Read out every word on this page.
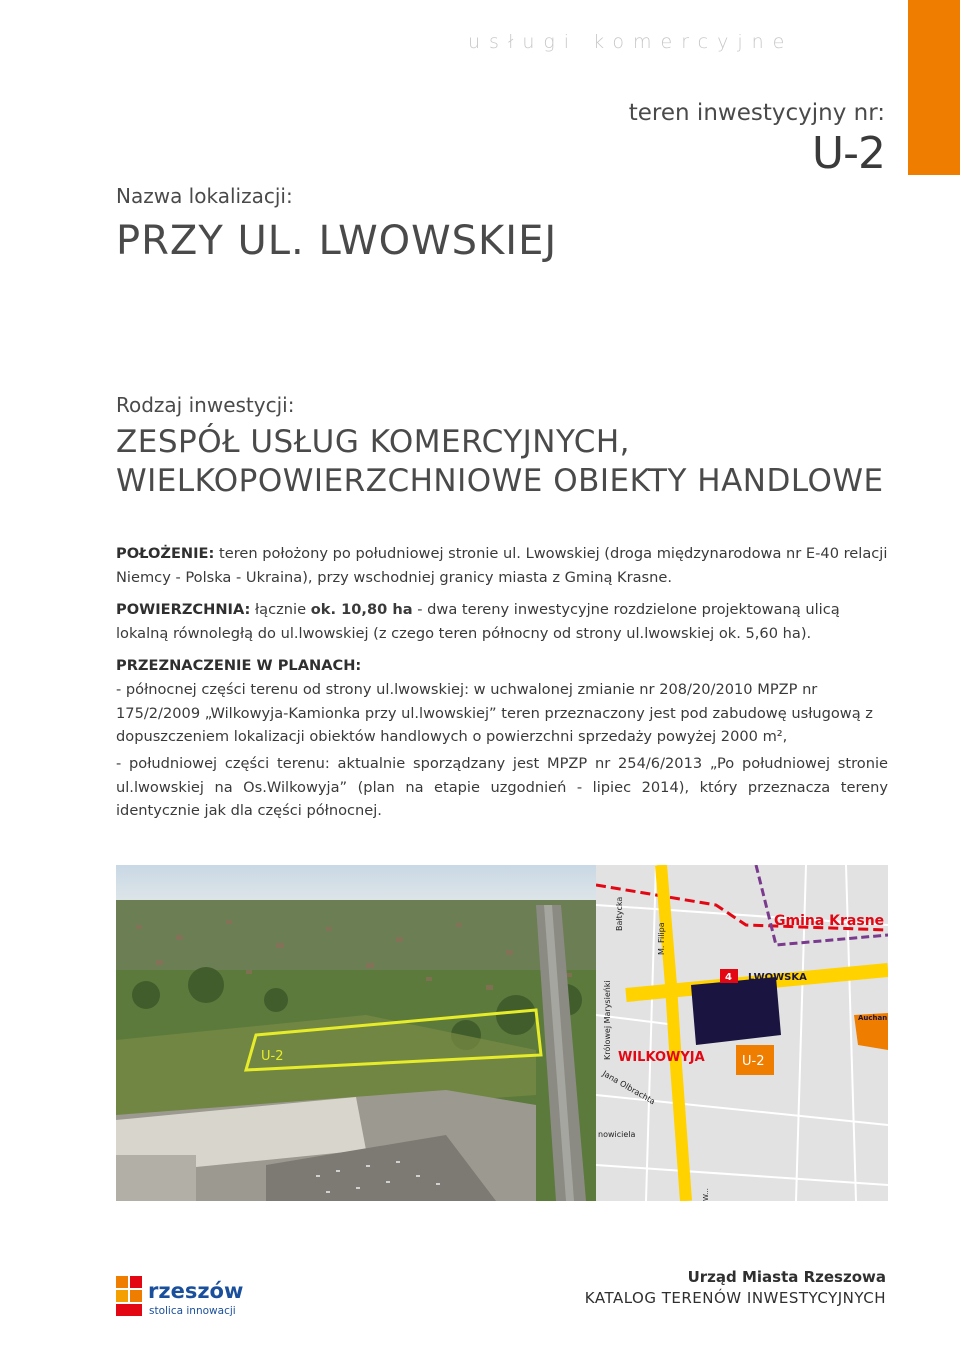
usługi komercyjne
teren inwestycyjny nr:
U-2
Nazwa lokalizacji:
PRZY UL. LWOWSKIEJ
Rodzaj inwestycji:
ZESPÓŁ USŁUG KOMERCYJNYCH,
WIELKOPOWIERZCHNIOWE OBIEKTY HANDLOWE
POŁOŻENIE: teren położony po południowej stronie ul. Lwowskiej (droga międzynarodowa nr E-40 relacji Niemcy - Polska - Ukraina), przy wschodniej granicy miasta z Gminą Krasne.
POWIERZCHNIA: łącznie ok. 10,80 ha - dwa tereny inwestycyjne rozdzielone projektowaną ulicą lokalną równoległą do ul.lwowskiej (z czego teren północny od strony ul.lwowskiej ok. 5,60 ha).
PRZEZNACZENIE W PLANACH:
- północnej części terenu od strony ul.lwowskiej: w uchwalonej zmianie nr 208/20/2010 MPZP nr 175/2/2009 „Wilkowyja-Kamionka przy ul.lwowskiej” teren przeznaczony jest pod zabudowę usługową z dopuszczeniem lokalizacji obiektów handlowych o powierzchni sprzedaży powyżej 2000 m²,
- południowej części terenu: aktualnie sporządzany jest MPZP nr 254/6/2013 „Po południowej stronie ul.lwowskiej na Os.Wilkowyja” (plan na etapie uzgodnień - lipiec 2014), który przeznacza tereny identycznie jak dla części północnej.
U-2
Gmina Krasne
4 LWOWSKA
WILKOWYJA	U-2
Auchan
Bałtycka
M. Filipa
Królowej Marysieńki
Jana Olbrachta
nowiciela
W...
rzeszów
stolica innowacji
Urząd Miasta Rzeszowa
KATALOG TERENÓW INWESTYCYJNYCH
